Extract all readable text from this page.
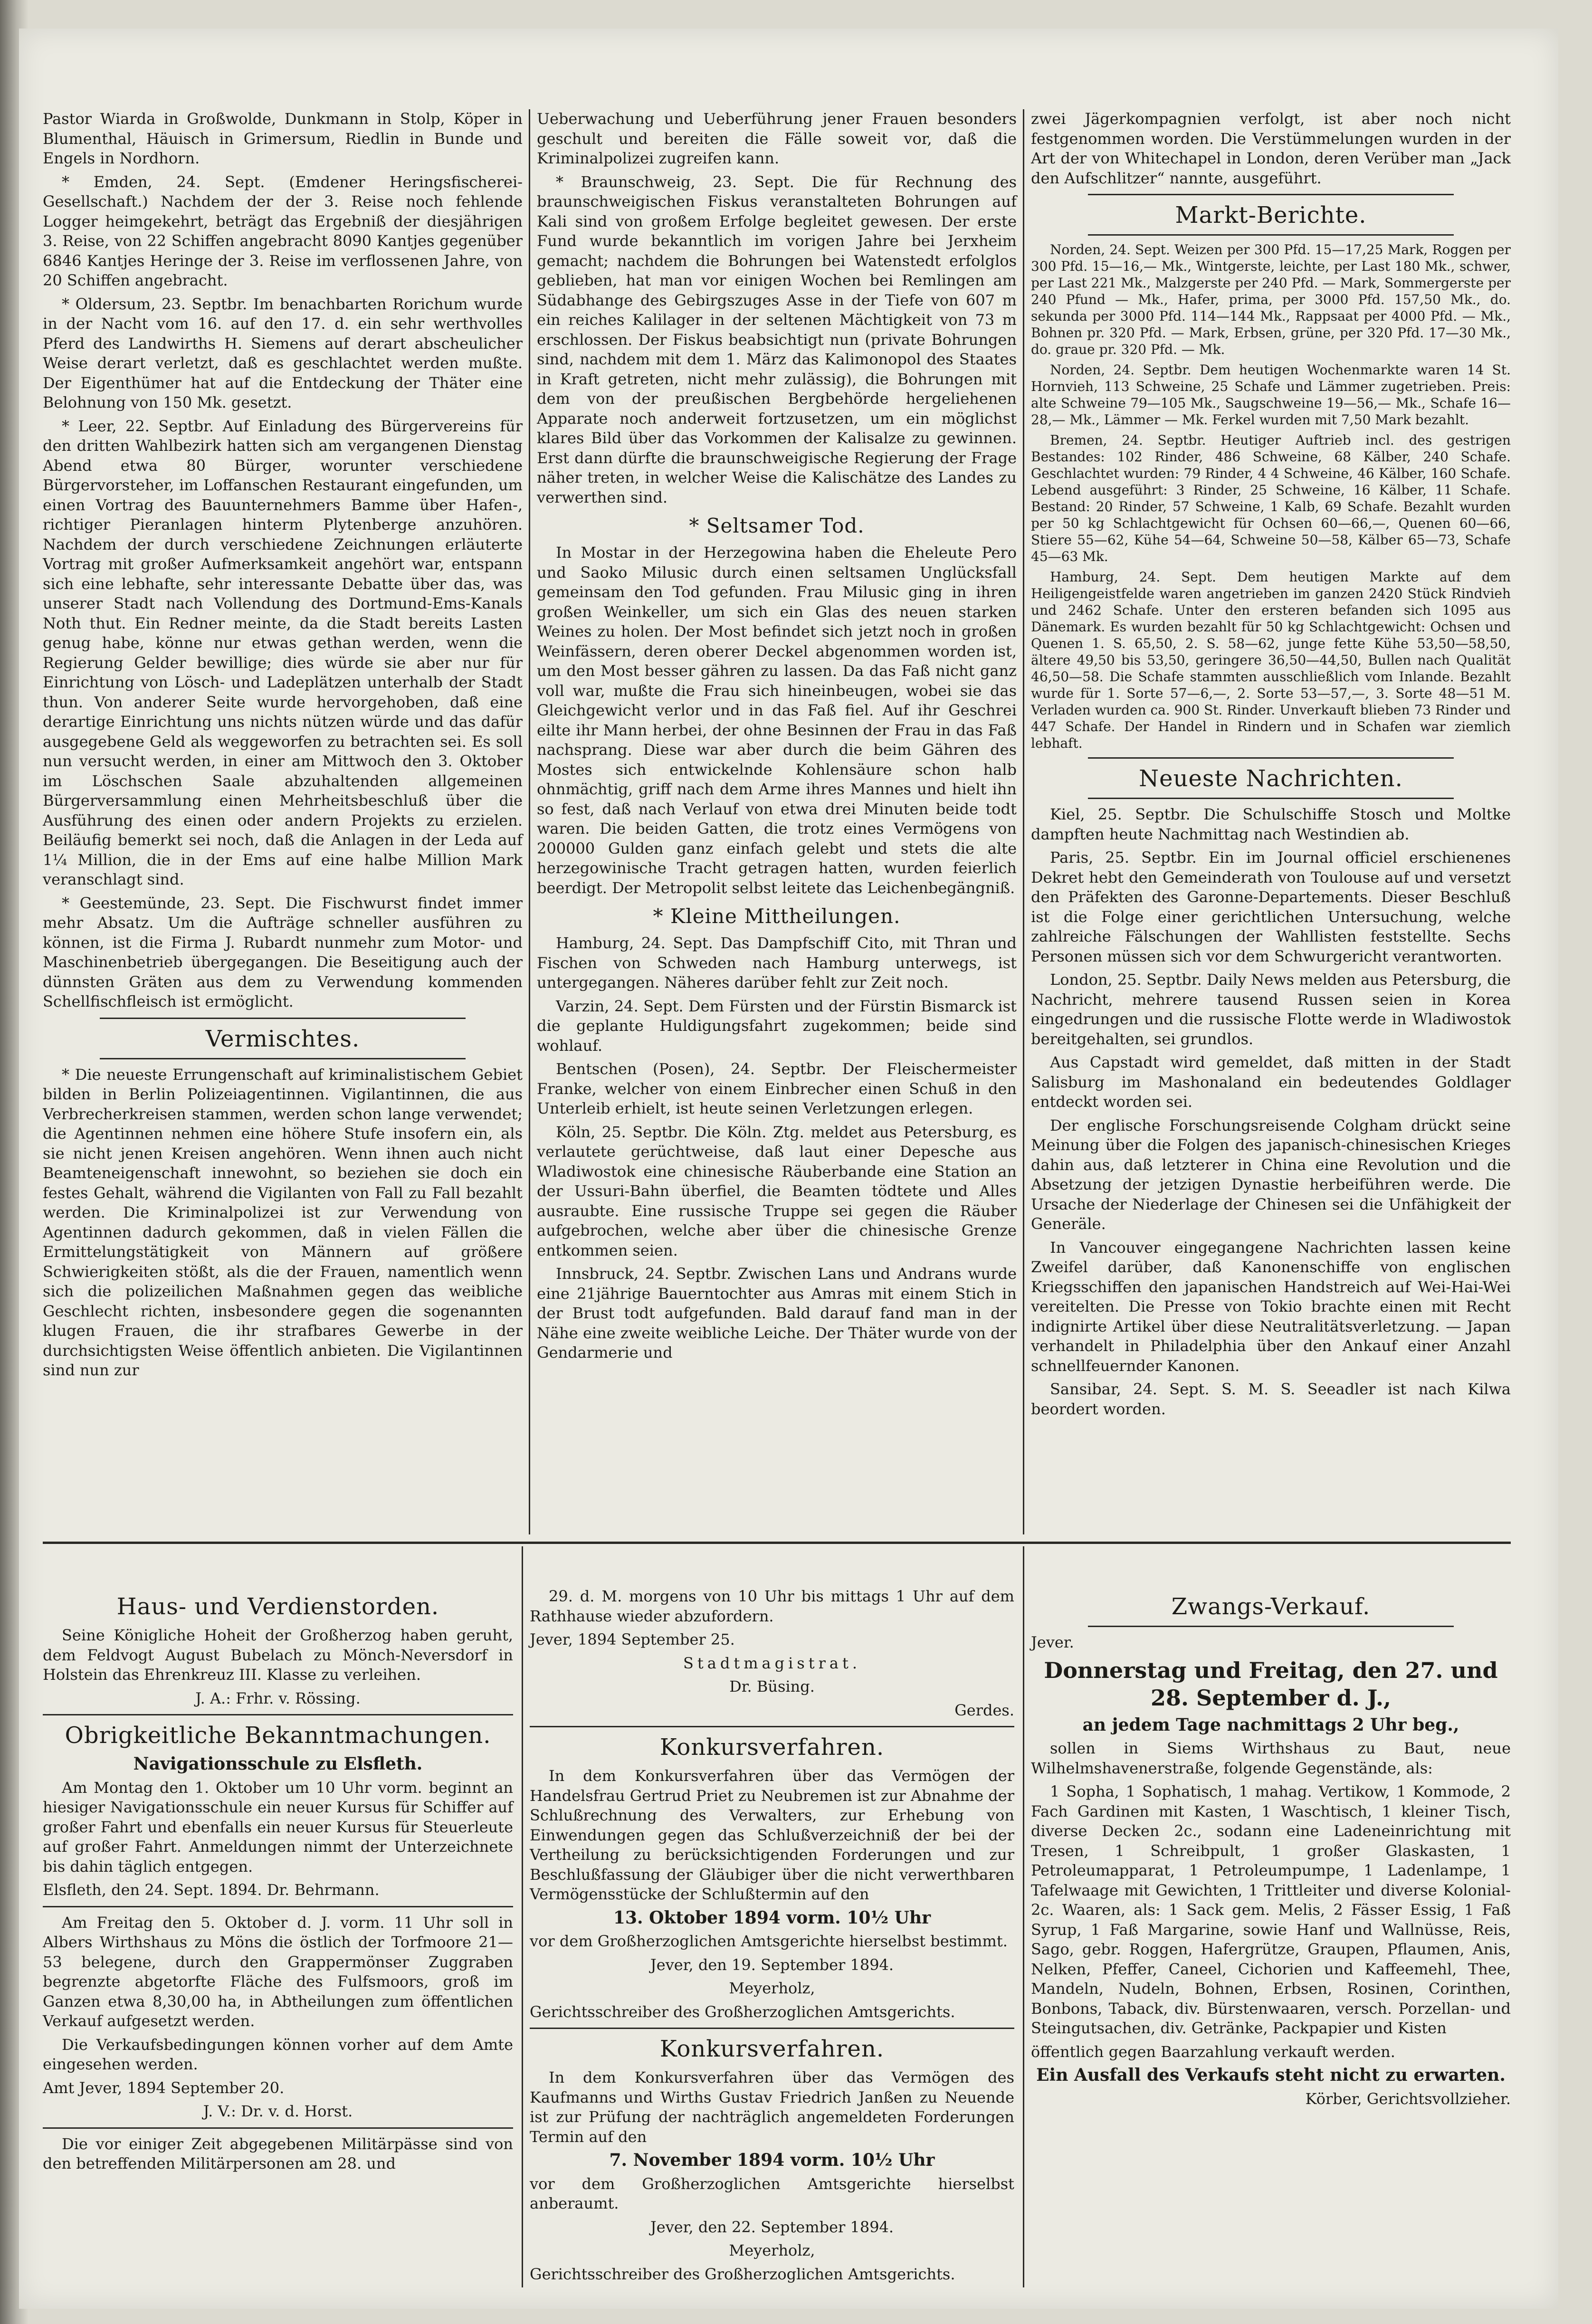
Pastor Wiarda in Großwolde, Dunkmann in Stolp, Köper in Blumenthal, Häuisch in Grimersum, Riedlin in Bunde und Engels in Nordhorn.

* Emden, 24. Sept. (Emdener Heringsfischerei-Gesellschaft.) Nachdem der der 3. Reise noch fehlende Logger heimgekehrt, beträgt das Ergebniß der diesjährigen 3. Reise, von 22 Schiffen angebracht 8090 Kantjes gegenüber 6846 Kantjes Heringe der 3. Reise im verflossenen Jahre, von 20 Schiffen angebracht.

* Oldersum, 23. Septbr. Im benachbarten Rorichum wurde in der Nacht vom 16. auf den 17. d. ein sehr werthvolles Pferd des Landwirths H. Siemens auf derart abscheulicher Weise derart verletzt, daß es geschlachtet werden mußte. Der Eigenthümer hat auf die Entdeckung der Thäter eine Belohnung von 150 Mk. gesetzt.

* Leer, 22. Septbr. Auf Einladung des Bürgervereins für den dritten Wahlbezirk hatten sich am vergangenen Dienstag Abend etwa 80 Bürger, worunter verschiedene Bürgervorsteher, im Loffanschen Restaurant eingefunden, um einen Vortrag des Bauunternehmers Bamme über Hafen-, richtiger Pieranlagen hinterm Plytenberge anzuhören. Nachdem der durch verschiedene Zeichnungen erläuterte Vortrag mit großer Aufmerksamkeit angehört war, entspann sich eine lebhafte, sehr interessante Debatte über das, was unserer Stadt nach Vollendung des Dortmund-Ems-Kanals Noth thut. Ein Redner meinte, da die Stadt bereits Lasten genug habe, könne nur etwas gethan werden, wenn die Regierung Gelder bewillige; dies würde sie aber nur für Einrichtung von Lösch- und Ladeplätzen unterhalb der Stadt thun. Von anderer Seite wurde hervorgehoben, daß eine derartige Einrichtung uns nichts nützen würde und das dafür ausgegebene Geld als weggeworfen zu betrachten sei. Es soll nun versucht werden, in einer am Mittwoch den 3. Oktober im Löschschen Saale abzuhaltenden allgemeinen Bürgerversammlung einen Mehrheitsbeschluß über die Ausführung des einen oder andern Projekts zu erzielen. Beiläufig bemerkt sei noch, daß die Anlagen in der Leda auf 1¼ Million, die in der Ems auf eine halbe Million Mark veranschlagt sind.

* Geestemünde, 23. Sept. Die Fischwurst findet immer mehr Absatz. Um die Aufträge schneller ausführen zu können, ist die Firma J. Rubardt nunmehr zum Motor- und Maschinenbetrieb übergegangen. Die Beseitigung auch der dünnsten Gräten aus dem zu Verwendung kommenden Schellfischfleisch ist ermöglicht.

Vermischtes.

* Die neueste Errungenschaft auf kriminalistischem Gebiet bilden in Berlin Polizeiagentinnen. Vigilantinnen, die aus Verbrecherkreisen stammen, werden schon lange verwendet; die Agentinnen nehmen eine höhere Stufe insofern ein, als sie nicht jenen Kreisen angehören. Wenn ihnen auch nicht Beamteneigenschaft innewohnt, so beziehen sie doch ein festes Gehalt, während die Vigilanten von Fall zu Fall bezahlt werden. Die Kriminalpolizei ist zur Verwendung von Agentinnen dadurch gekommen, daß in vielen Fällen die Ermittelungstätigkeit von Männern auf größere Schwierigkeiten stößt, als die der Frauen, namentlich wenn sich die polizeilichen Maßnahmen gegen das weibliche Geschlecht richten, insbesondere gegen die sogenannten klugen Frauen, die ihr strafbares Gewerbe in der durchsichtigsten Weise öffentlich anbieten. Die Vigilantinnen sind nun zur

Ueberwachung und Ueberführung jener Frauen besonders geschult und bereiten die Fälle soweit vor, daß die Kriminalpolizei zugreifen kann.

* Braunschweig, 23. Sept. Die für Rechnung des braunschweigischen Fiskus veranstalteten Bohrungen auf Kali sind von großem Erfolge begleitet gewesen. Der erste Fund wurde bekanntlich im vorigen Jahre bei Jerxheim gemacht; nachdem die Bohrungen bei Watenstedt erfolglos geblieben, hat man vor einigen Wochen bei Remlingen am Südabhange des Gebirgszuges Asse in der Tiefe von 607 m ein reiches Kalilager in der seltenen Mächtigkeit von 73 m erschlossen. Der Fiskus beabsichtigt nun (private Bohrungen sind, nachdem mit dem 1. März das Kalimonopol des Staates in Kraft getreten, nicht mehr zulässig), die Bohrungen mit dem von der preußischen Bergbehörde hergeliehenen Apparate noch anderweit fortzusetzen, um ein möglichst klares Bild über das Vorkommen der Kalisalze zu gewinnen. Erst dann dürfte die braunschweigische Regierung der Frage näher treten, in welcher Weise die Kalischätze des Landes zu verwerthen sind.

* Seltsamer Tod.

In Mostar in der Herzegowina haben die Eheleute Pero und Saoko Milusic durch einen seltsamen Unglücksfall gemeinsam den Tod gefunden. Frau Milusic ging in ihren großen Weinkeller, um sich ein Glas des neuen starken Weines zu holen. Der Most befindet sich jetzt noch in großen Weinfässern, deren oberer Deckel abgenommen worden ist, um den Most besser gähren zu lassen. Da das Faß nicht ganz voll war, mußte die Frau sich hineinbeugen, wobei sie das Gleichgewicht verlor und in das Faß fiel. Auf ihr Geschrei eilte ihr Mann herbei, der ohne Besinnen der Frau in das Faß nachsprang. Diese war aber durch die beim Gähren des Mostes sich entwickelnde Kohlensäure schon halb ohnmächtig, griff nach dem Arme ihres Mannes und hielt ihn so fest, daß nach Verlauf von etwa drei Minuten beide todt waren. Die beiden Gatten, die trotz eines Vermögens von 200000 Gulden ganz einfach gelebt und stets die alte herzegowinische Tracht getragen hatten, wurden feierlich beerdigt. Der Metropolit selbst leitete das Leichenbegängniß.

* Kleine Mittheilungen.

Hamburg, 24. Sept. Das Dampfschiff Cito, mit Thran und Fischen von Schweden nach Hamburg unterwegs, ist untergegangen. Näheres darüber fehlt zur Zeit noch.

Varzin, 24. Sept. Dem Fürsten und der Fürstin Bismarck ist die geplante Huldigungsfahrt zugekommen; beide sind wohlauf.

Bentschen (Posen), 24. Septbr. Der Fleischermeister Franke, welcher von einem Einbrecher einen Schuß in den Unterleib erhielt, ist heute seinen Verletzungen erlegen.

Köln, 25. Septbr. Die Köln. Ztg. meldet aus Petersburg, es verlautete gerüchtweise, daß laut einer Depesche aus Wladiwostok eine chinesische Räuberbande eine Station an der Ussuri-Bahn überfiel, die Beamten tödtete und Alles ausraubte. Eine russische Truppe sei gegen die Räuber aufgebrochen, welche aber über die chinesische Grenze entkommen seien.

Innsbruck, 24. Septbr. Zwischen Lans und Andrans wurde eine 21jährige Bauerntochter aus Amras mit einem Stich in der Brust todt aufgefunden. Bald darauf fand man in der Nähe eine zweite weibliche Leiche. Der Thäter wurde von der Gendarmerie und

zwei Jägerkompagnien verfolgt, ist aber noch nicht festgenommen worden. Die Verstümmelungen wurden in der Art der von Whitechapel in London, deren Verüber man „Jack den Aufschlitzer“ nannte, ausgeführt.

Markt-Berichte.

Norden, 24. Sept. Weizen per 300 Pfd. 15—17,25 Mark, Roggen per 300 Pfd. 15—16,— Mk., Wintgerste, leichte, per Last 180 Mk., schwer, per Last 221 Mk., Malzgerste per 240 Pfd. — Mark, Sommergerste per 240 Pfund — Mk., Hafer, prima, per 3000 Pfd. 157,50 Mk., do. sekunda per 3000 Pfd. 114—144 Mk., Rappsaat per 4000 Pfd. — Mk., Bohnen pr. 320 Pfd. — Mark, Erbsen, grüne, per 320 Pfd. 17—30 Mk., do. graue pr. 320 Pfd. — Mk.

Norden, 24. Septbr. Dem heutigen Wochenmarkte waren 14 St. Hornvieh, 113 Schweine, 25 Schafe und Lämmer zugetrieben. Preis: alte Schweine 79—105 Mk., Saugschweine 19—56,— Mk., Schafe 16—28,— Mk., Lämmer — Mk. Ferkel wurden mit 7,50 Mark bezahlt.

Bremen, 24. Septbr. Heutiger Auftrieb incl. des gestrigen Bestandes: 102 Rinder, 486 Schweine, 68 Kälber, 240 Schafe. Geschlachtet wurden: 79 Rinder, 4 4 Schweine, 46 Kälber, 160 Schafe. Lebend ausgeführt: 3 Rinder, 25 Schweine, 16 Kälber, 11 Schafe. Bestand: 20 Rinder, 57 Schweine, 1 Kalb, 69 Schafe. Bezahlt wurden per 50 kg Schlachtgewicht für Ochsen 60—66,—, Quenen 60—66, Stiere 55—62, Kühe 54—64, Schweine 50—58, Kälber 65—73, Schafe 45—63 Mk.

Hamburg, 24. Sept. Dem heutigen Markte auf dem Heiligengeistfelde waren angetrieben im ganzen 2420 Stück Rindvieh und 2462 Schafe. Unter den ersteren befanden sich 1095 aus Dänemark. Es wurden bezahlt für 50 kg Schlachtgewicht: Ochsen und Quenen 1. S. 65,50, 2. S. 58—62, junge fette Kühe 53,50—58,50, ältere 49,50 bis 53,50, geringere 36,50—44,50, Bullen nach Qualität 46,50—58. Die Schafe stammten ausschließlich vom Inlande. Bezahlt wurde für 1. Sorte 57—6,—, 2. Sorte 53—57,—, 3. Sorte 48—51 M. Verladen wurden ca. 900 St. Rinder. Unverkauft blieben 73 Rinder und 447 Schafe. Der Handel in Rindern und in Schafen war ziemlich lebhaft.

Neueste Nachrichten.

Kiel, 25. Septbr. Die Schulschiffe Stosch und Moltke dampften heute Nachmittag nach Westindien ab.

Paris, 25. Septbr. Ein im Journal officiel erschienenes Dekret hebt den Gemeinderath von Toulouse auf und versetzt den Präfekten des Garonne-Departements. Dieser Beschluß ist die Folge einer gerichtlichen Untersuchung, welche zahlreiche Fälschungen der Wahllisten feststellte. Sechs Personen müssen sich vor dem Schwurgericht verantworten.

London, 25. Septbr. Daily News melden aus Petersburg, die Nachricht, mehrere tausend Russen seien in Korea eingedrungen und die russische Flotte werde in Wladiwostok bereitgehalten, sei grundlos.

Aus Capstadt wird gemeldet, daß mitten in der Stadt Salisburg im Mashonaland ein bedeutendes Goldlager entdeckt worden sei.

Der englische Forschungsreisende Colgham drückt seine Meinung über die Folgen des japanisch-chinesischen Krieges dahin aus, daß letzterer in China eine Revolution und die Absetzung der jetzigen Dynastie herbeiführen werde. Die Ursache der Niederlage der Chinesen sei die Unfähigkeit der Generäle.

In Vancouver eingegangene Nachrichten lassen keine Zweifel darüber, daß Kanonenschiffe von englischen Kriegsschiffen den japanischen Handstreich auf Wei-Hai-Wei vereitelten. Die Presse von Tokio brachte einen mit Recht indignirte Artikel über diese Neutralitätsverletzung. — Japan verhandelt in Philadelphia über den Ankauf einer Anzahl schnellfeuernder Kanonen.

Sansibar, 24. Sept. S. M. S. Seeadler ist nach Kilwa beordert worden.

Haus- und Verdienstorden.

Seine Königliche Hoheit der Großherzog haben geruht, dem Feldvogt August Bubelach zu Mönch-Neversdorf in Holstein das Ehrenkreuz III. Klasse zu verleihen.

J. A.: Frhr. v. Rössing.

Obrigkeitliche Bekanntmachungen.

Navigationsschule zu Elsfleth.

Am Montag den 1. Oktober um 10 Uhr vorm. beginnt an hiesiger Navigationsschule ein neuer Kursus für Schiffer auf großer Fahrt und ebenfalls ein neuer Kursus für Steuerleute auf großer Fahrt. Anmeldungen nimmt der Unterzeichnete bis dahin täglich entgegen.

Elsfleth, den 24. Sept. 1894. Dr. Behrmann.

Am Freitag den 5. Oktober d. J. vorm. 11 Uhr soll in Albers Wirthshaus zu Möns die östlich der Torfmoore 21—53 belegene, durch den Grappermönser Zuggraben begrenzte abgetorfte Fläche des Fulfsmoors, groß im Ganzen etwa 8,30,00 ha, in Abtheilungen zum öffentlichen Verkauf aufgesetzt werden.

Die Verkaufsbedingungen können vorher auf dem Amte eingesehen werden.

Amt Jever, 1894 September 20.

J. V.: Dr. v. d. Horst.

Die vor einiger Zeit abgegebenen Militärpässe sind von den betreffenden Militärpersonen am 28. und

29. d. M. morgens von 10 Uhr bis mittags 1 Uhr auf dem Rathhause wieder abzufordern.

Jever, 1894 September 25.

Stadtmagistrat.

Dr. Büsing.

Gerdes.

Konkursverfahren.

In dem Konkursverfahren über das Vermögen der Handelsfrau Gertrud Priet zu Neubremen ist zur Abnahme der Schlußrechnung des Verwalters, zur Erhebung von Einwendungen gegen das Schlußverzeichniß der bei der Vertheilung zu berücksichtigenden Forderungen und zur Beschlußfassung der Gläubiger über die nicht verwerthbaren Vermögensstücke der Schlußtermin auf den

13. Oktober 1894 vorm. 10½ Uhr

vor dem Großherzoglichen Amtsgerichte hierselbst bestimmt.

Jever, den 19. September 1894.

Meyerholz,

Gerichtsschreiber des Großherzoglichen Amtsgerichts.

Konkursverfahren.

In dem Konkursverfahren über das Vermögen des Kaufmanns und Wirths Gustav Friedrich Janßen zu Neuende ist zur Prüfung der nachträglich angemeldeten Forderungen Termin auf den

7. November 1894 vorm. 10½ Uhr

vor dem Großherzoglichen Amtsgerichte hierselbst anberaumt.

Jever, den 22. September 1894.

Meyerholz,

Gerichtsschreiber des Großherzoglichen Amtsgerichts.

Zwangs-Verkauf.

Jever.

Donnerstag und Freitag, den 27. und 28. September d. J.,

an jedem Tage nachmittags 2 Uhr beg.,

sollen in Siems Wirthshaus zu Baut, neue Wilhelmshavenerstraße, folgende Gegenstände, als:

1 Sopha, 1 Sophatisch, 1 mahag. Vertikow, 1 Kommode, 2 Fach Gardinen mit Kasten, 1 Waschtisch, 1 kleiner Tisch, diverse Decken 2c., sodann eine Ladeneinrichtung mit Tresen, 1 Schreibpult, 1 großer Glaskasten, 1 Petroleumapparat, 1 Petroleumpumpe, 1 Ladenlampe, 1 Tafelwaage mit Gewichten, 1 Trittleiter und diverse Kolonial- 2c. Waaren, als: 1 Sack gem. Melis, 2 Fässer Essig, 1 Faß Syrup, 1 Faß Margarine, sowie Hanf und Wallnüsse, Reis, Sago, gebr. Roggen, Hafergrütze, Graupen, Pflaumen, Anis, Nelken, Pfeffer, Caneel, Cichorien und Kaffeemehl, Thee, Mandeln, Nudeln, Bohnen, Erbsen, Rosinen, Corinthen, Bonbons, Taback, div. Bürstenwaaren, versch. Porzellan- und Steingutsachen, div. Getränke, Packpapier und Kisten

öffentlich gegen Baarzahlung verkauft werden.

Ein Ausfall des Verkaufs steht nicht zu erwarten.

Körber, Gerichtsvollzieher.
